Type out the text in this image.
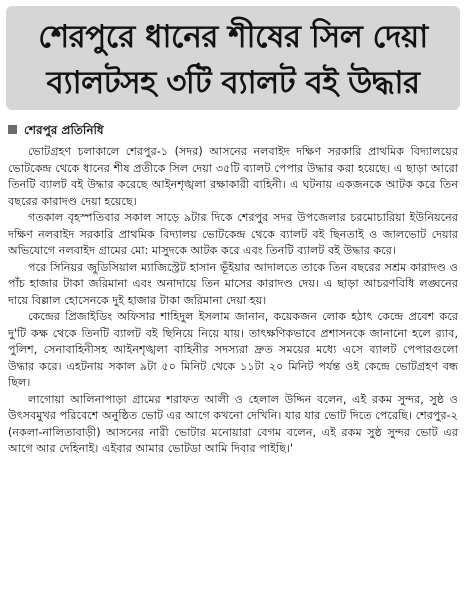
শেরপুরে ধানের শীষের সিল দেয়া
ব্যালটসহ ৩টি ব্যালট বই উদ্ধার
শেরপুর প্রতিনিধি

ভোটগ্রহণ চলাকালে শেরপুর-১ (সদর) আসনের নলবাইদ দক্ষিণ সরকারি প্রাথমিক বিদ্যালয়ের ভোটকেন্দ্র থেকে ধানের শীষ প্রতীকে সিল দেয়া ৩৫টি ব্যালট পেপার উদ্ধার করা হয়েছে। এ ছাড়া আরো তিনটি ব্যালট বই উদ্ধার করেছে আইনশৃঙ্খলা রক্ষাকারী বাহিনী। এ ঘটনায় একজনকে আটক করে তিন বছরের কারাদণ্ড দেয়া হয়েছে।

গতকাল বৃহস্পতিবার সকাল সাড়ে ৯টার দিকে শেরপুর সদর উপজেলার চরমোচারিয়া ইউনিয়নের দক্ষিণ নলবাইদ সরকারি প্রাথমিক বিদ্যালয় ভোটকেন্দ্র থেকে ব্যালট বই ছিনতাই ও জালভোট দেয়ার অভিযোগে নলবাইদ গ্রামের মো: মাসুদকে আটক করে এবং তিনটি ব্যালট বই উদ্ধার করে।

পরে সিনিয়র জুডিসিয়াল ম্যাজিস্ট্রেট হাসান ভূঁইয়ার আদালতে তাকে তিন বছরের সশ্রম কারাদণ্ড ও পাঁচ হাজার টাকা জরিমানা এবং অনাদায়ে তিন মাসের কারাদণ্ড দেয়। এ ছাড়া আচরণবিধি লঙ্ঘনের দায়ে বিল্লাল হোসেনকে দুই হাজার টাকা জরিমানা দেয়া হয়।

কেন্দ্রের প্রিজাইডিং অফিসার শাহিদুল ইসলাম জানান, কয়েকজন লোক হঠাৎ কেন্দ্রে প্রবেশ করে দু'টি কক্ষ থেকে তিনটি ব্যালট বই ছিনিয়ে নিয়ে যায়। তাৎক্ষণিকভাবে প্রশাসনকে জানানো হলে র‍্যাব, পুলিশ, সেনাবাহিনীসহ আইনশৃঙ্খলা বাহিনীর সদস্যরা দ্রুত সময়ের মধ্যে এসে ব্যালট পেপারগুলো উদ্ধার করে। এহটনায় সকাল ৯টা ৫০ মিনিট থেকে ১১টা ২০ মিনিট পর্যন্ত ওই কেন্দ্রে ভোটগ্রহণ বন্ধ ছিল।

লাগোয়া আলিনাপাড়া গ্রামের শরাফত আলী ও হেলাল উদ্দিন বলেন, এই রকম সুন্দর, সুষ্ঠ ও উৎসবমুখর পরিবেশে অনুষ্ঠিত ভোট এর আগে কখনো দেখিনি। যার যার ভোট দিতে পেরেছি। শেরপুর-২ (নকলা-নালিতাবাড়ী) আসনের নারী ভোটার মনোয়ারা বেগম বলেন, এই রকম সুষ্ঠ সুন্দর ভোট এর আগে আর দেহিনাই। এইবার আমার ভোটডা আমি দিবার পাইছি।'
